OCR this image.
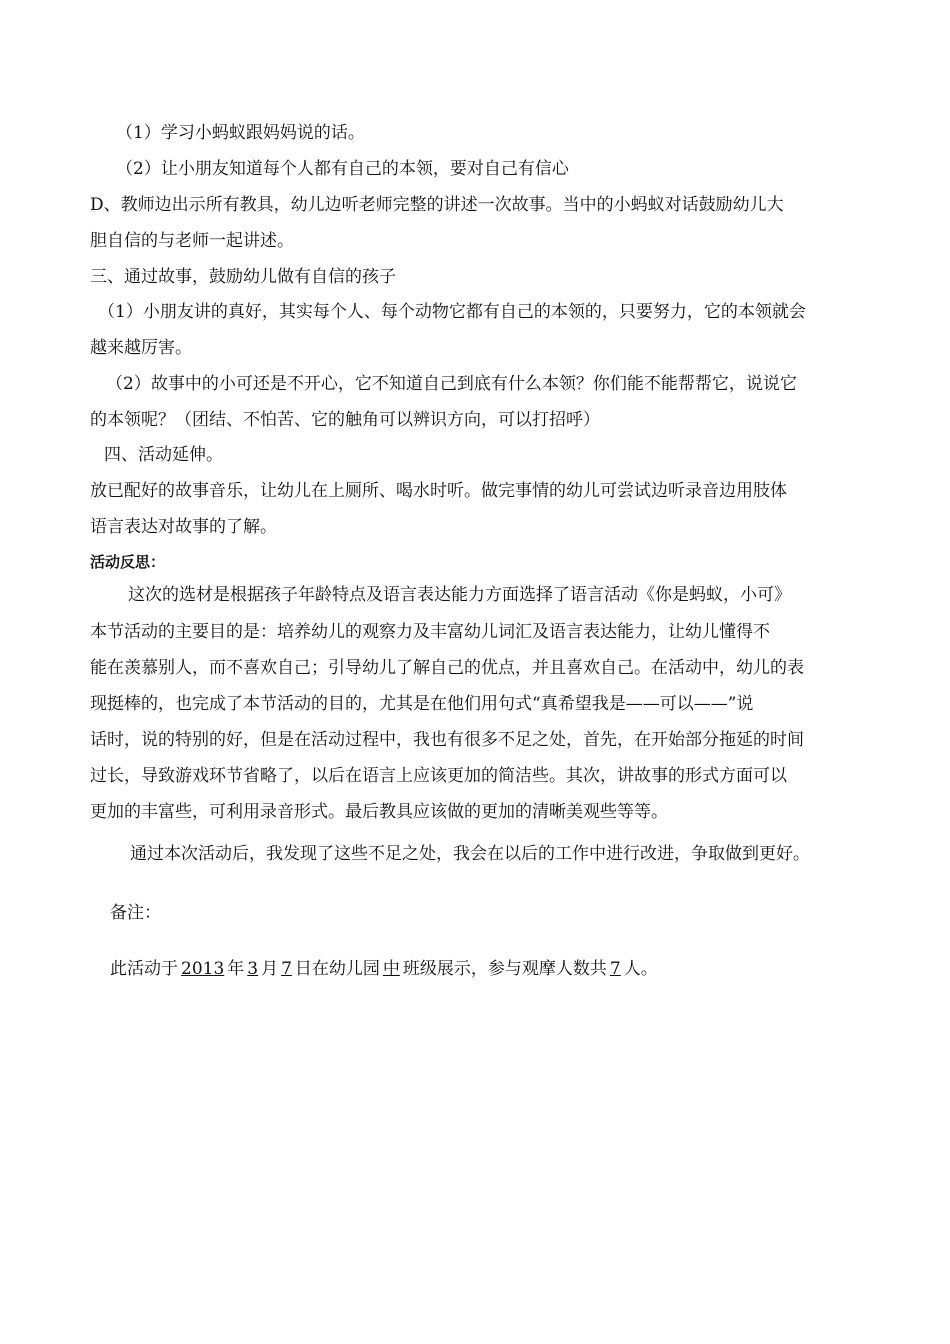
（1）学习小蚂蚁跟妈妈说的话。
（2）让小朋友知道每个人都有自己的本领，要对自己有信心
D、教师边出示所有教具，幼儿边听老师完整的讲述一次故事。当中的小蚂蚁对话鼓励幼儿大
胆自信的与老师一起讲述。
三、通过故事，鼓励幼儿做有自信的孩子
（1）小朋友讲的真好，其实每个人、每个动物它都有自己的本领的，只要努力，它的本领就会
越来越厉害。
（2）故事中的小可还是不开心，它不知道自己到底有什么本领？你们能不能帮帮它，说说它
的本领呢？（团结、不怕苦、它的触角可以辨识方向，可以打招呼）
四、活动延伸。
放已配好的故事音乐，让幼儿在上厕所、喝水时听。做完事情的幼儿可尝试边听录音边用肢体
语言表达对故事的了解。
活动反思：
这次的选材是根据孩子年龄特点及语言表达能力方面选择了语言活动《你是蚂蚁，小可》
本节活动的主要目的是：培养幼儿的观察力及丰富幼儿词汇及语言表达能力，让幼儿懂得不
能在羡慕别人，而不喜欢自己；引导幼儿了解自己的优点，并且喜欢自己。在活动中，幼儿的表
现挺棒的，也完成了本节活动的目的，尤其是在他们用句式“真希望我是——可以——”说
话时，说的特别的好，但是在活动过程中，我也有很多不足之处，首先，在开始部分拖延的时间
过长，导致游戏环节省略了，以后在语言上应该更加的简洁些。其次，讲故事的形式方面可以
更加的丰富些，可利用录音形式。最后教具应该做的更加的清晰美观些等等。
通过本次活动后，我发现了这些不足之处，我会在以后的工作中进行改进，争取做到更好。
备注：
此活动于 2013 年 3 月 7 日在幼儿园 中 班级展示，参与观摩人数共 7 人。
